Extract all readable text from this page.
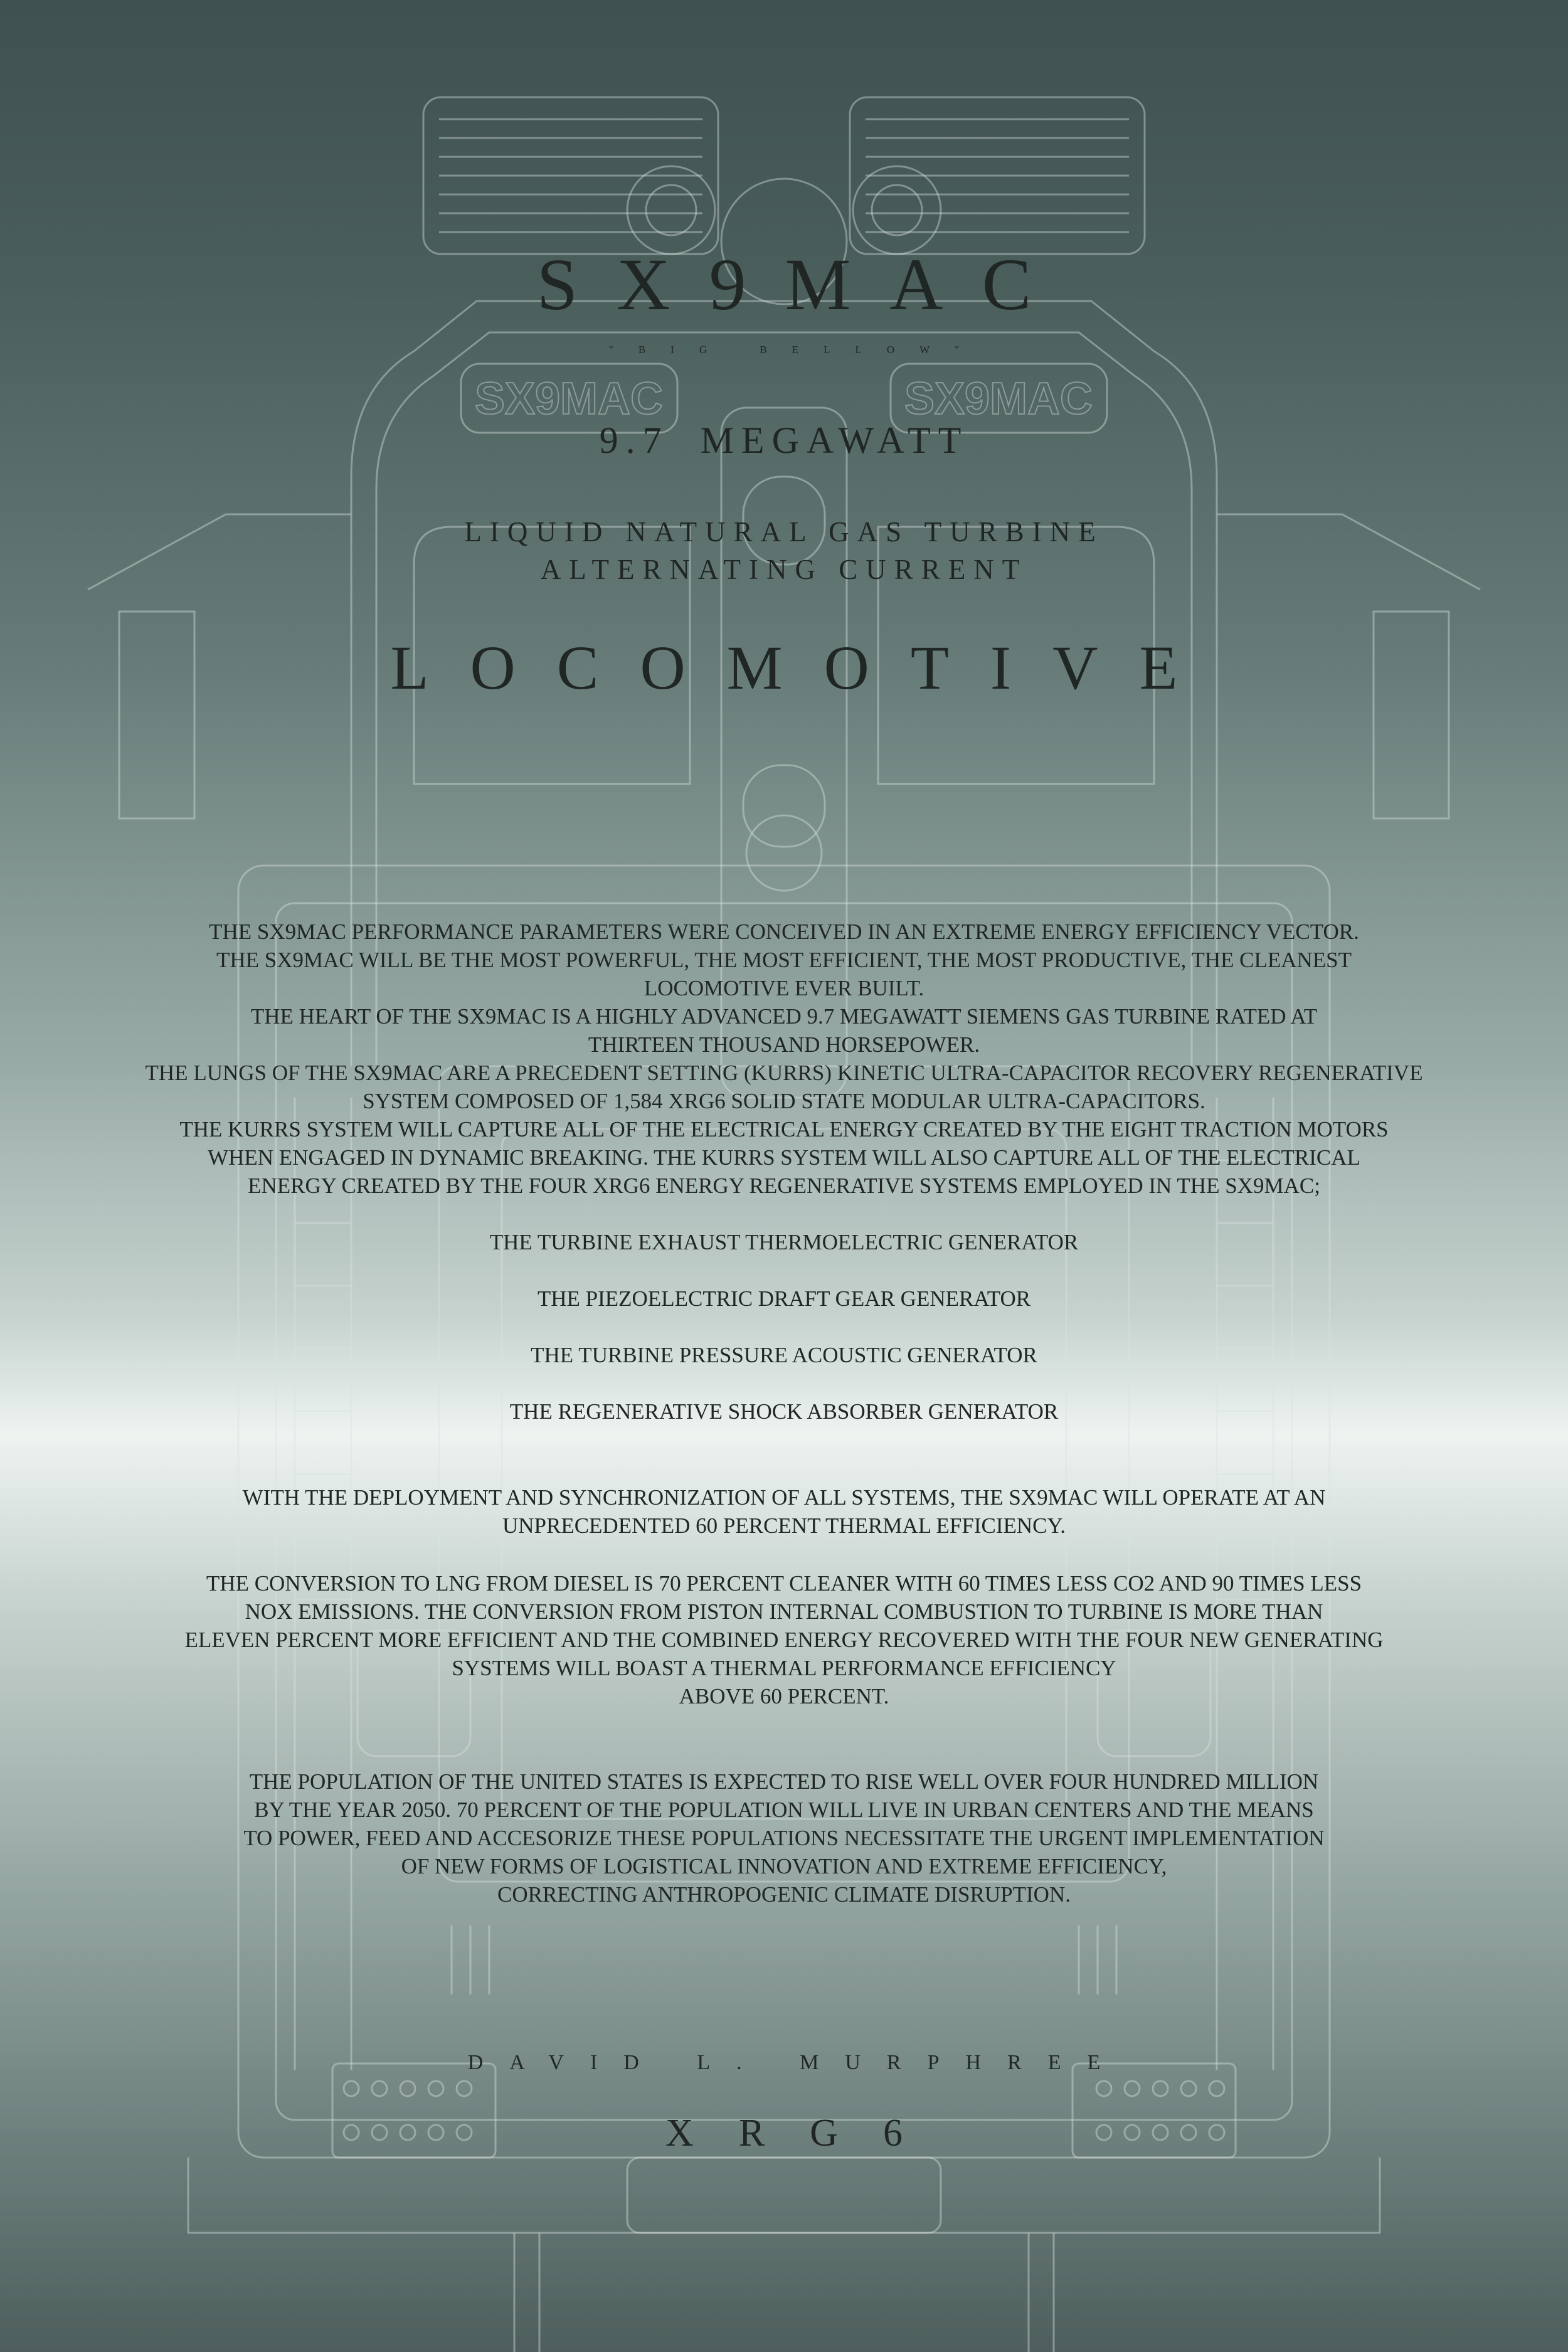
SX9MAC	SX9MAC
SX9MAC
"BIG BELLOW"
9.7 MEGAWATT
LIQUID NATURAL GAS TURBINE
ALTERNATING CURRENT
LOCOMOTIVE
THE SX9MAC PERFORMANCE PARAMETERS WERE CONCEIVED IN AN EXTREME ENERGY EFFICIENCY VECTOR.
THE SX9MAC WILL BE THE MOST POWERFUL, THE MOST EFFICIENT, THE MOST PRODUCTIVE, THE CLEANEST
LOCOMOTIVE EVER BUILT.
THE HEART OF THE SX9MAC IS A HIGHLY ADVANCED 9.7 MEGAWATT SIEMENS GAS TURBINE RATED AT
THIRTEEN THOUSAND HORSEPOWER.
THE LUNGS OF THE SX9MAC ARE A PRECEDENT SETTING (KURRS) KINETIC ULTRA-CAPACITOR RECOVERY REGENERATIVE
SYSTEM COMPOSED OF 1,584 XRG6 SOLID STATE MODULAR ULTRA-CAPACITORS.
THE KURRS SYSTEM WILL CAPTURE ALL OF THE ELECTRICAL ENERGY CREATED BY THE EIGHT TRACTION MOTORS
WHEN ENGAGED IN DYNAMIC BREAKING. THE KURRS SYSTEM WILL ALSO CAPTURE ALL OF THE ELECTRICAL
ENERGY CREATED BY THE FOUR XRG6 ENERGY REGENERATIVE SYSTEMS EMPLOYED IN THE SX9MAC;
THE TURBINE EXHAUST THERMOELECTRIC GENERATOR
THE PIEZOELECTRIC DRAFT GEAR GENERATOR
THE TURBINE PRESSURE ACOUSTIC GENERATOR
THE REGENERATIVE SHOCK ABSORBER GENERATOR
WITH THE DEPLOYMENT AND SYNCHRONIZATION OF ALL SYSTEMS, THE SX9MAC WILL OPERATE AT AN
UNPRECEDENTED 60 PERCENT THERMAL EFFICIENCY.
THE CONVERSION TO LNG FROM DIESEL IS 70 PERCENT CLEANER WITH 60 TIMES LESS CO2 AND 90 TIMES LESS
NOX EMISSIONS. THE CONVERSION FROM PISTON INTERNAL COMBUSTION TO TURBINE IS MORE THAN
ELEVEN PERCENT MORE EFFICIENT AND THE COMBINED ENERGY RECOVERED WITH THE FOUR NEW GENERATING
SYSTEMS WILL BOAST A THERMAL PERFORMANCE EFFICIENCY
ABOVE 60 PERCENT.
THE POPULATION OF THE UNITED STATES IS EXPECTED TO RISE WELL OVER FOUR HUNDRED MILLION
BY THE YEAR 2050. 70 PERCENT OF THE POPULATION WILL LIVE IN URBAN CENTERS AND THE MEANS
TO POWER, FEED AND ACCESORIZE THESE POPULATIONS NECESSITATE THE URGENT IMPLEMENTATION
OF NEW FORMS OF LOGISTICAL INNOVATION AND EXTREME EFFICIENCY,
CORRECTING ANTHROPOGENIC CLIMATE DISRUPTION.
DAVID L. MURPHREE
XRG6
